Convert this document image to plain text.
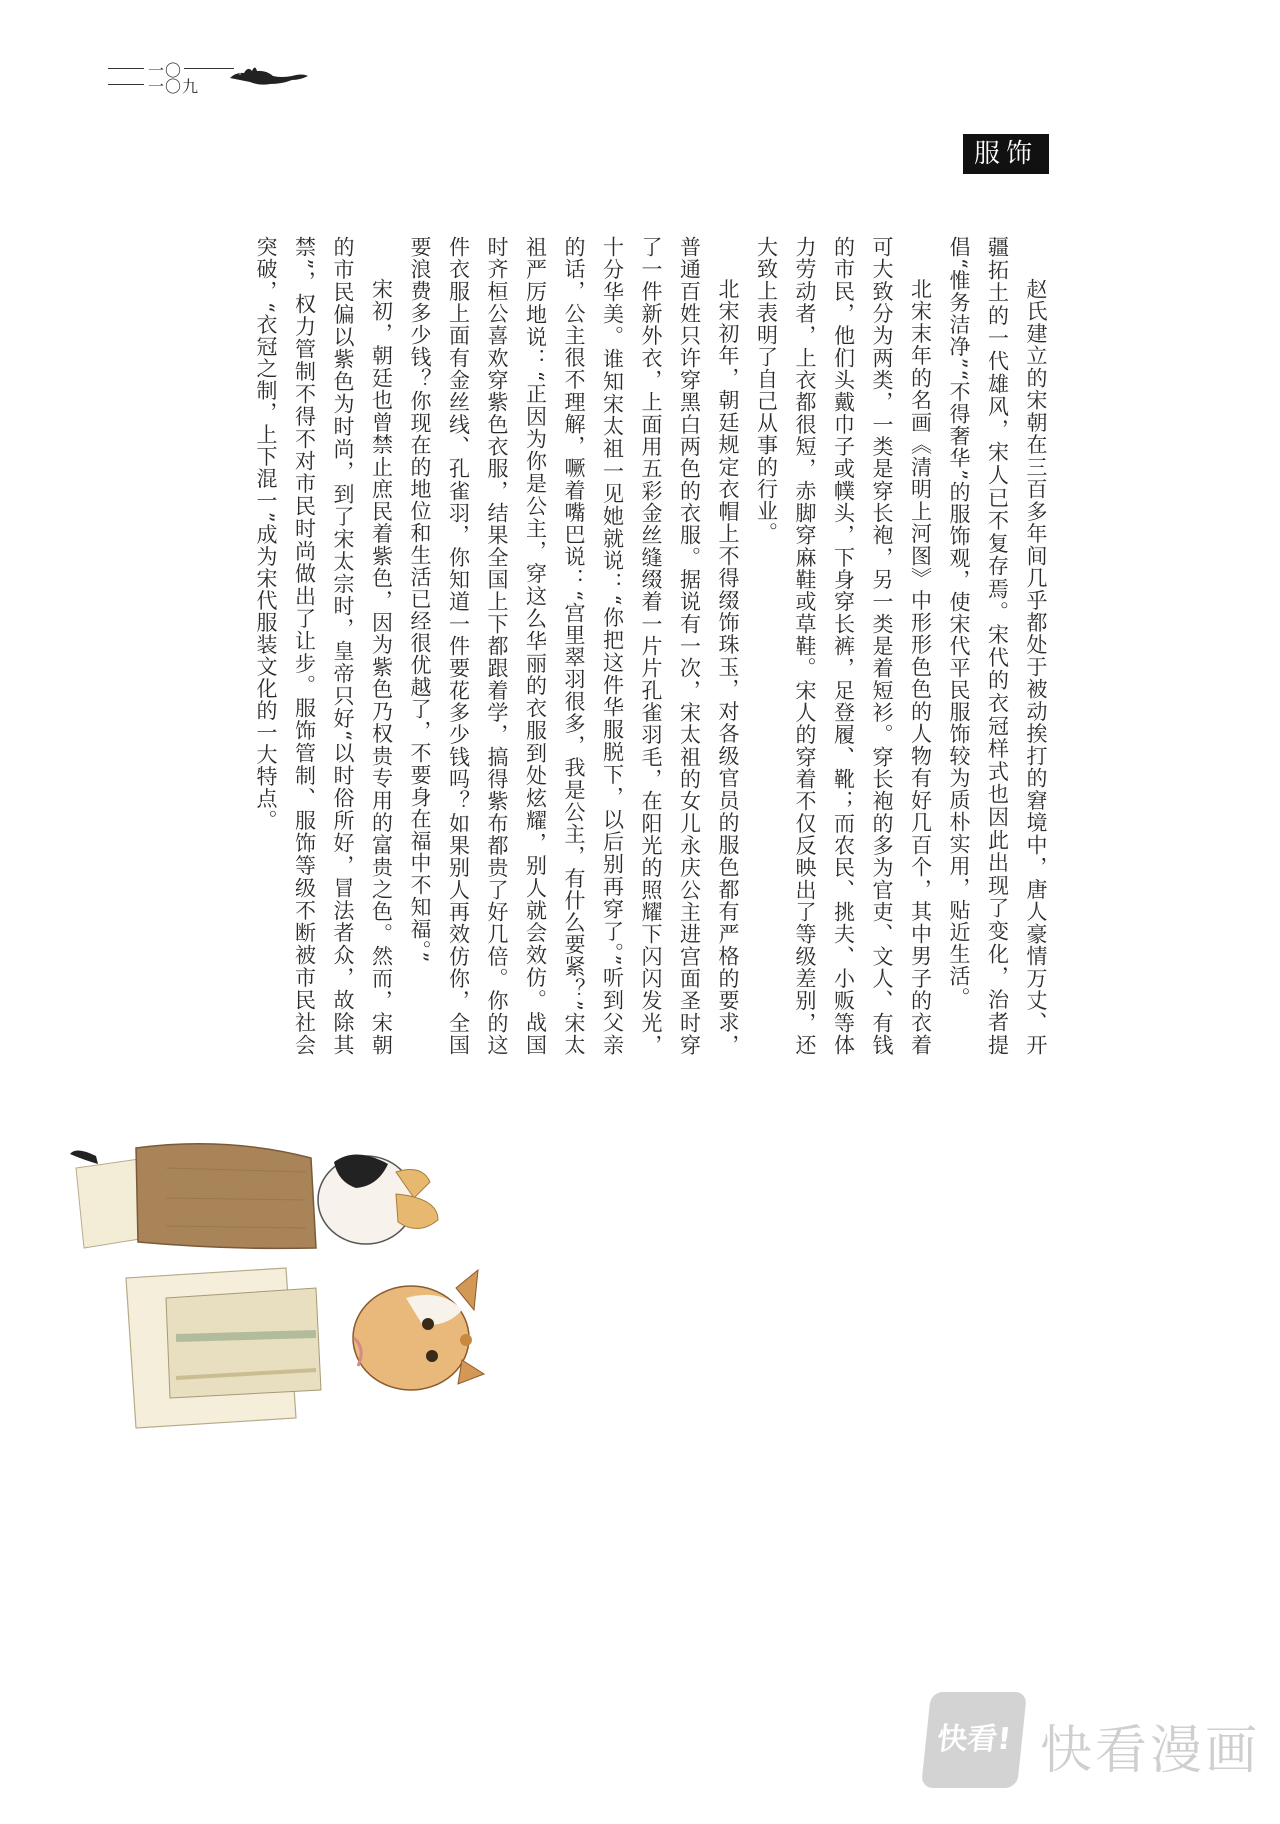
一〇
一〇九
服饰

赵氏建立的宋朝在三百多年间几乎都处于被动挨打的窘境中，唐人豪情万丈、开疆拓土的一代雄风，宋人已不复存焉。宋代的衣冠样式也因此出现了变化，治者提倡“惟务洁净”“不得奢华”的服饰观，使宋代平民服饰较为质朴实用，贴近生活。

北宋末年的名画《清明上河图》中形形色色的人物有好几百个，其中男子的衣着可大致分为两类，一类是穿长袍，另一类是着短衫。穿长袍的多为官吏、文人、有钱的市民，他们头戴巾子或幞头，下身穿长裤，足登履、靴；而农民、挑夫、小贩等体力劳动者，上衣都很短，赤脚穿麻鞋或草鞋。宋人的穿着不仅反映出了等级差别，还大致上表明了自己从事的行业。

北宋初年，朝廷规定衣帽上不得缀饰珠玉，对各级官员的服色都有严格的要求，普通百姓只许穿黑白两色的衣服。据说有一次，宋太祖的女儿永庆公主进宫面圣时穿了一件新外衣，上面用五彩金丝缝缀着一片片孔雀羽毛，在阳光的照耀下闪闪发光，十分华美。谁知宋太祖一见她就说：“你把这件华服脱下，以后别再穿了。”听到父亲的话，公主很不理解，噘着嘴巴说：“宫里翠羽很多，我是公主，有什么要紧？”宋太祖严厉地说：“正因为你是公主，穿这么华丽的衣服到处炫耀，别人就会效仿。战国时齐桓公喜欢穿紫色衣服，结果全国上下都跟着学，搞得紫布都贵了好几倍。你的这件衣服上面有金丝线、孔雀羽，你知道一件要花多少钱吗？如果别人再效仿你，全国要浪费多少钱？你现在的地位和生活已经很优越了，不要身在福中不知福。”

宋初，朝廷也曾禁止庶民着紫色，因为紫色乃权贵专用的富贵之色。然而，宋朝的市民偏以紫色为时尚，到了宋太宗时，皇帝只好“以时俗所好，冒法者众，故除其禁”，权力管制不得不对市民时尚做出了让步。服饰管制、服饰等级不断被市民社会突破，“衣冠之制，上下混一”成为宋代服装文化的一大特点。

快看! 快看漫画
